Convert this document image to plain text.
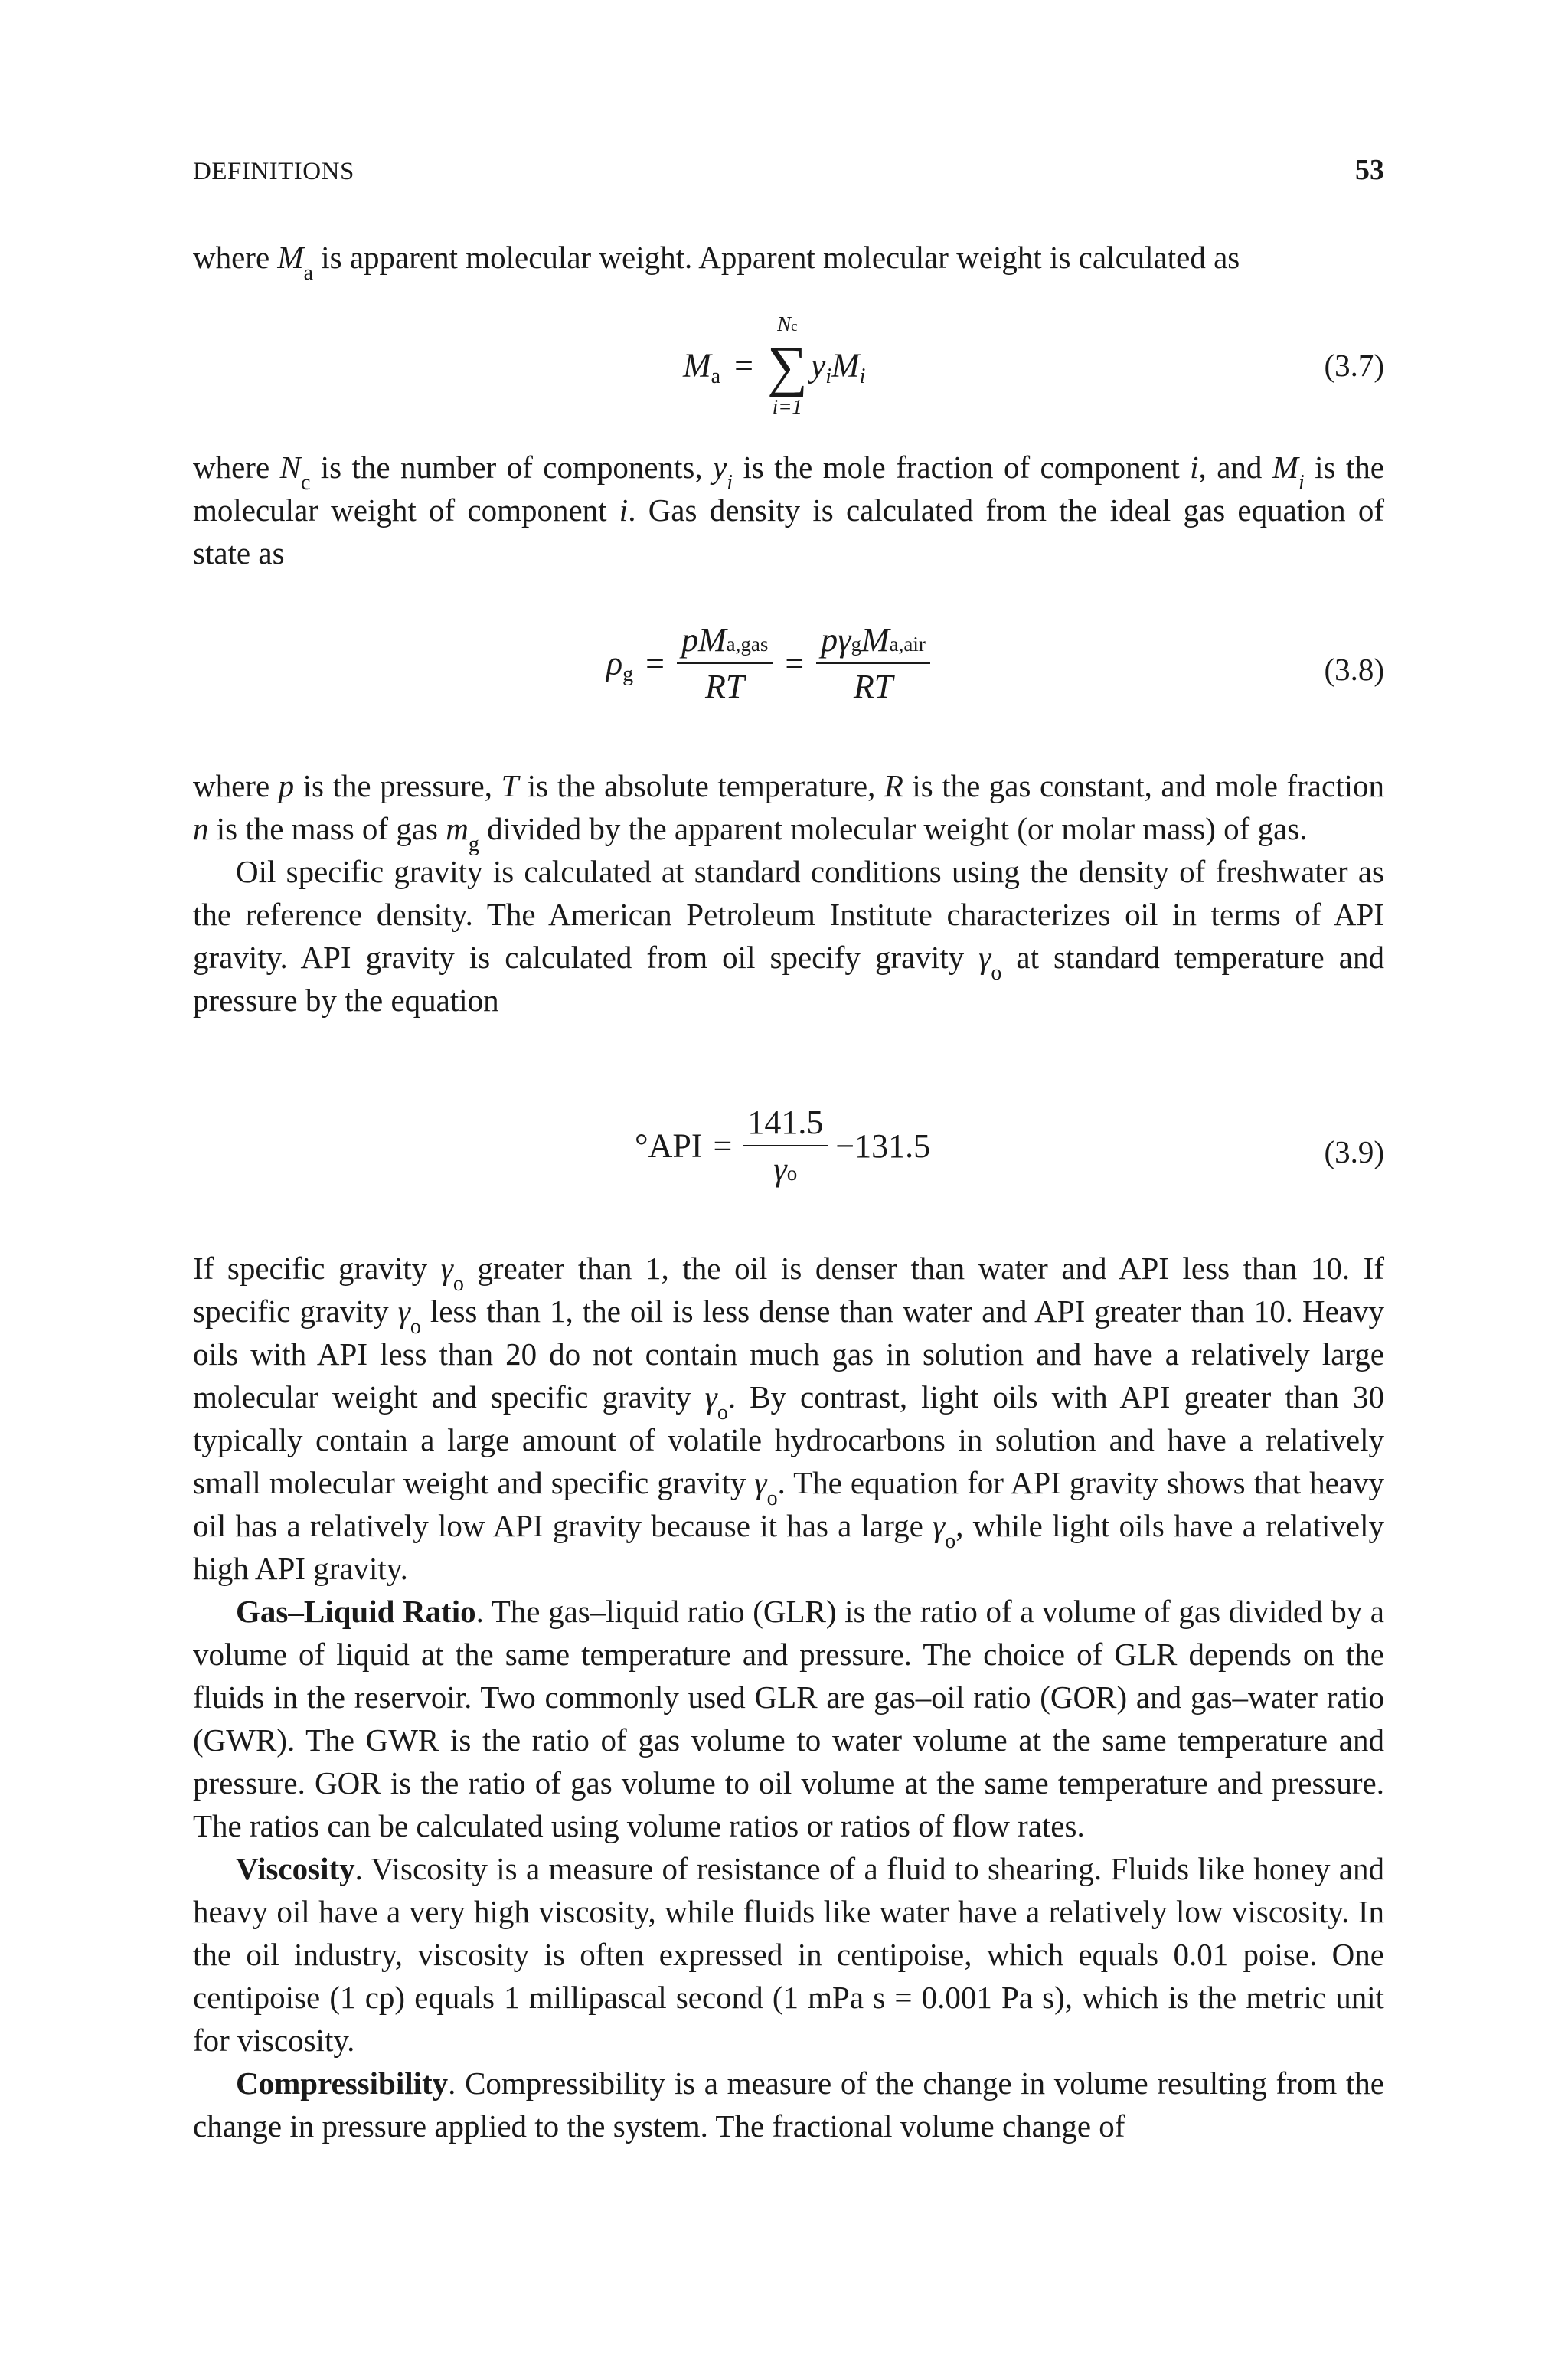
DEFINITIONS	53

where $M_a$ is apparent molecular weight. Apparent molecular weight is calculated as

Ma =
Nc
∑
i=1
yiMi	(3.7)

where $N_c$ is the number of components, $y_i$ is the mole fraction of component i, and $M_i$ is the molecular weight of component i. Gas density is calculated from the ideal gas equation of state as

$\rho g = \frac{\text{pMa,gas}}{RT} = \frac{\text{pγgMa,air}}{RT}$	(3.8)

where p is the pressure, T is the absolute temperature, R is the gas constant, and mole fraction n is the mass of gas $m_g$ divided by the apparent molecular weight (or molar mass) of gas.

Oil specific gravity is calculated at standard conditions using the density of freshwater as the reference density. The American Petroleum Institute characterizes oil in terms of API gravity. API gravity is calculated from oil specify gravity $\gamma_o$ at standard temperature and pressure by the equation

$^\circ API = \frac{141.5}{\gamma o} -131.5$	(3.9)

If specific gravity $\gamma_o$ greater than 1, the oil is denser than water and API less than 10. If specific gravity $\gamma_o$ less than 1, the oil is less dense than water and API greater than 10. Heavy oils with API less than 20 do not contain much gas in solution and have a relatively large molecular weight and specific gravity $\gamma_o$. By contrast, light oils with API greater than 30 typically contain a large amount of volatile hydrocarbons in solution and have a relatively small molecular weight and specific gravity $\gamma_o$. The equation for API gravity shows that heavy oil has a relatively low API gravity because it has a large $\gamma_o$, while light oils have a relatively high API gravity.

Gas–Liquid Ratio. The gas–liquid ratio (GLR) is the ratio of a volume of gas divided by a volume of liquid at the same temperature and pressure. The choice of GLR depends on the fluids in the reservoir. Two commonly used GLR are gas–oil ratio (GOR) and gas–water ratio (GWR). The GWR is the ratio of gas volume to water volume at the same temperature and pressure. GOR is the ratio of gas volume to oil volume at the same temperature and pressure. The ratios can be calculated using volume ratios or ratios of flow rates.

Viscosity. Viscosity is a measure of resistance of a fluid to shearing. Fluids like honey and heavy oil have a very high viscosity, while fluids like water have a relatively low viscosity. In the oil industry, viscosity is often expressed in centipoise, which equals 0.01 poise. One centipoise (1 cp) equals 1 millipascal second (1 mPa s = 0.001 Pa s), which is the metric unit for viscosity.

Compressibility. Compressibility is a measure of the change in volume resulting from the change in pressure applied to the system. The fractional volume change of
